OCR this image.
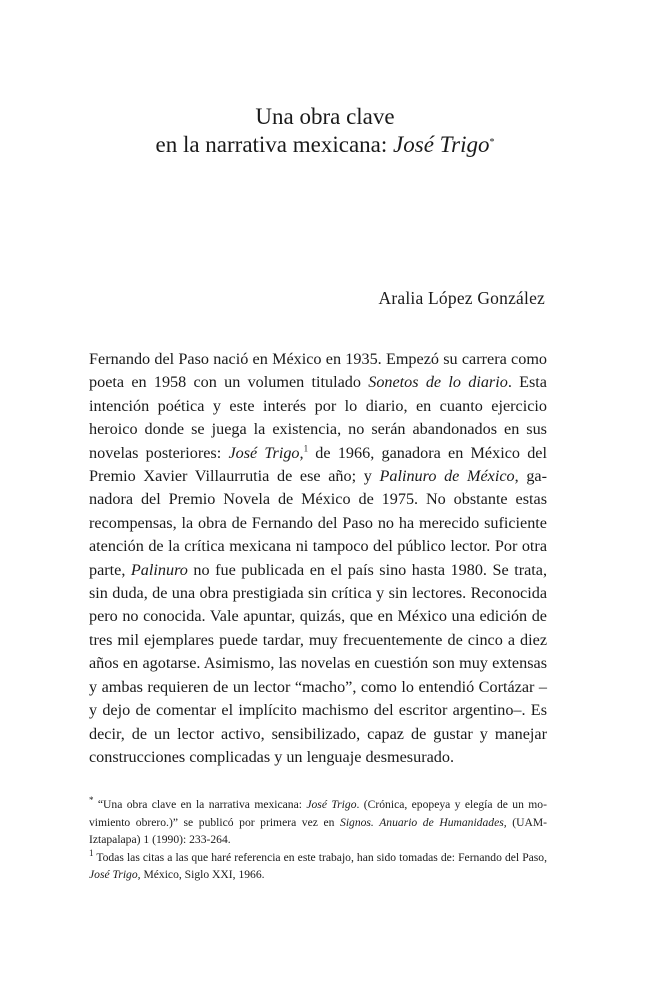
Una obra clave
en la narrativa mexicana: José Trigo*
Aralia López González

Fernando del Paso nació en México en 1935. Empezó su carrera como poeta en 1958 con un volumen titulado Sonetos de lo diario. Esta intención poética y este interés por lo diario, en cuanto ejercicio heroico donde se juega la existencia, no serán abandonados en sus novelas posteriores: José Trigo,$^1$ de 1966, ganadora en México del Premio Xavier Villaurrutia de ese año; y Palinuro de México, ganadora del Premio Novela de México de 1975. No obstante estas recompensas, la obra de Fernando del Paso no ha merecido suficiente atención de la crítica mexicana ni tampoco del público lector. Por otra parte, Palinuro no fue publicada en el país sino hasta 1980. Se trata, sin duda, de una obra prestigiada sin crítica y sin lectores. Reconocida pero no conocida. Vale apuntar, quizás, que en México una edición de tres mil ejemplares puede tardar, muy frecuentemente de cinco a diez años en agotarse. Asimismo, las novelas en cuestión son muy extensas y ambas requieren de un lector “macho”, como lo entendió Cortázar –y dejo de comentar el implícito machismo del escritor argentino–. Es decir, de un lector activo, sensibilizado, capaz de gustar y manejar construcciones complicadas y un lenguaje desmesurado.

* “Una obra clave en la narrativa mexicana: José Trigo. (Crónica, epopeya y elegía de un movimiento obrero.)” se publicó por primera vez en Signos. Anuario de Humanidades, (UAM-Iztapalapa) 1 (1990): 233-264.

$^1$ Todas las citas a las que haré referencia en este trabajo, han sido tomadas de: Fernando del Paso, José Trigo, México, Siglo XXI, 1966.
